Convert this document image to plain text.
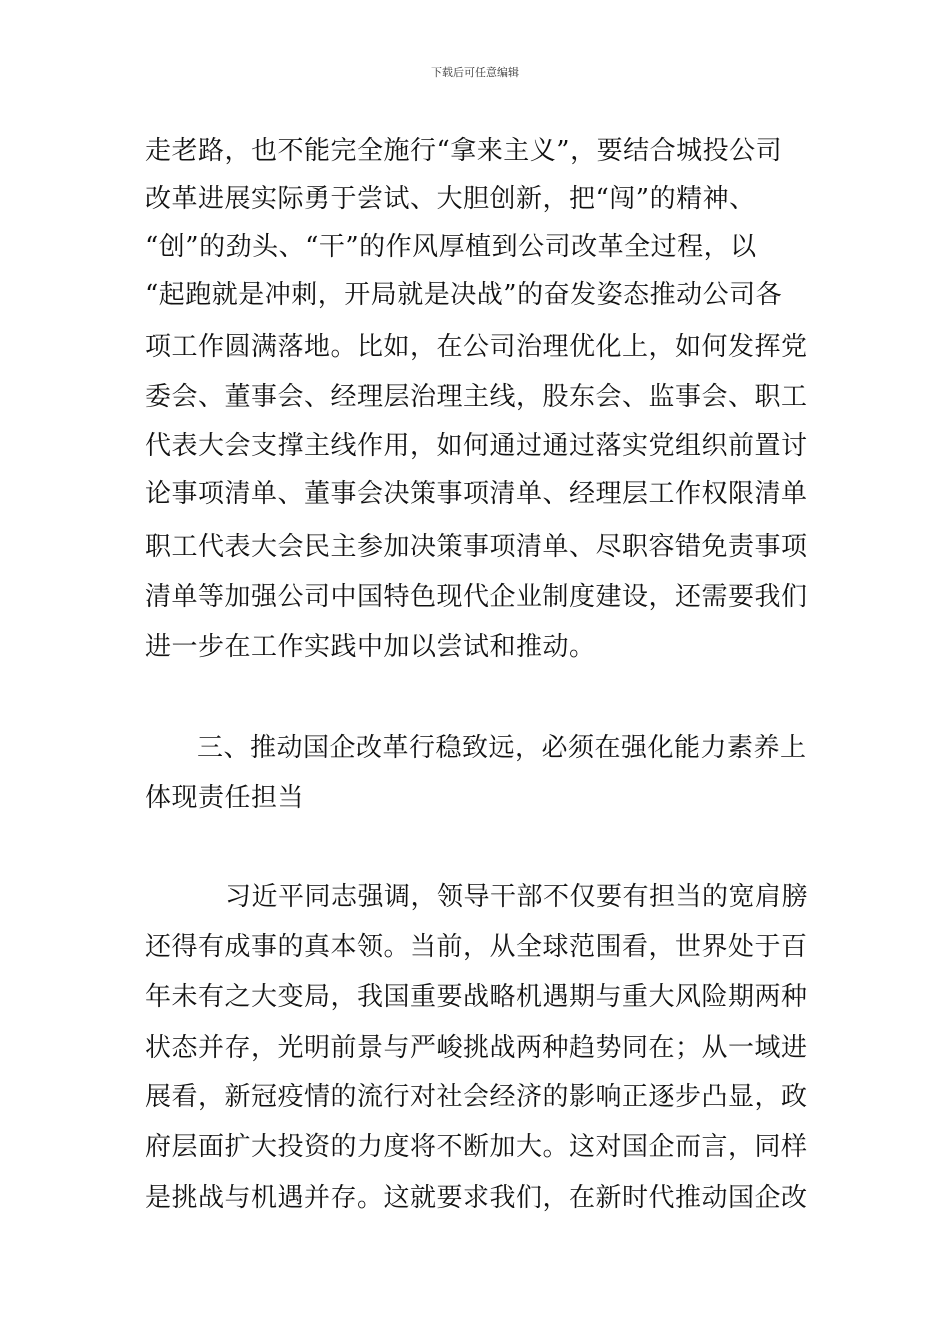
下载后可任意编辑
走老路，也不能完全施行“拿来主义”，要结合城投公司
改革进展实际勇于尝试、大胆创新，把“闯”的精神、
“创”的劲头、“干”的作风厚植到公司改革全过程，以
“起跑就是冲刺，开局就是决战”的奋发姿态推动公司各
项工作圆满落地。比如，在公司治理优化上，如何发挥党
委会、董事会、经理层治理主线，股东会、监事会、职工
代表大会支撑主线作用，如何通过通过落实党组织前置讨
论事项清单、董事会决策事项清单、经理层工作权限清单
职工代表大会民主参加决策事项清单、尽职容错免责事项
清单等加强公司中国特色现代企业制度建设，还需要我们
进一步在工作实践中加以尝试和推动。
三、推动国企改革行稳致远，必须在强化能力素养上
体现责任担当
习近平同志强调，领导干部不仅要有担当的宽肩膀
还得有成事的真本领。当前，从全球范围看，世界处于百
年未有之大变局，我国重要战略机遇期与重大风险期两种
状态并存，光明前景与严峻挑战两种趋势同在；从一域进
展看，新冠疫情的流行对社会经济的影响正逐步凸显，政
府层面扩大投资的力度将不断加大。这对国企而言，同样
是挑战与机遇并存。这就要求我们，在新时代推动国企改
